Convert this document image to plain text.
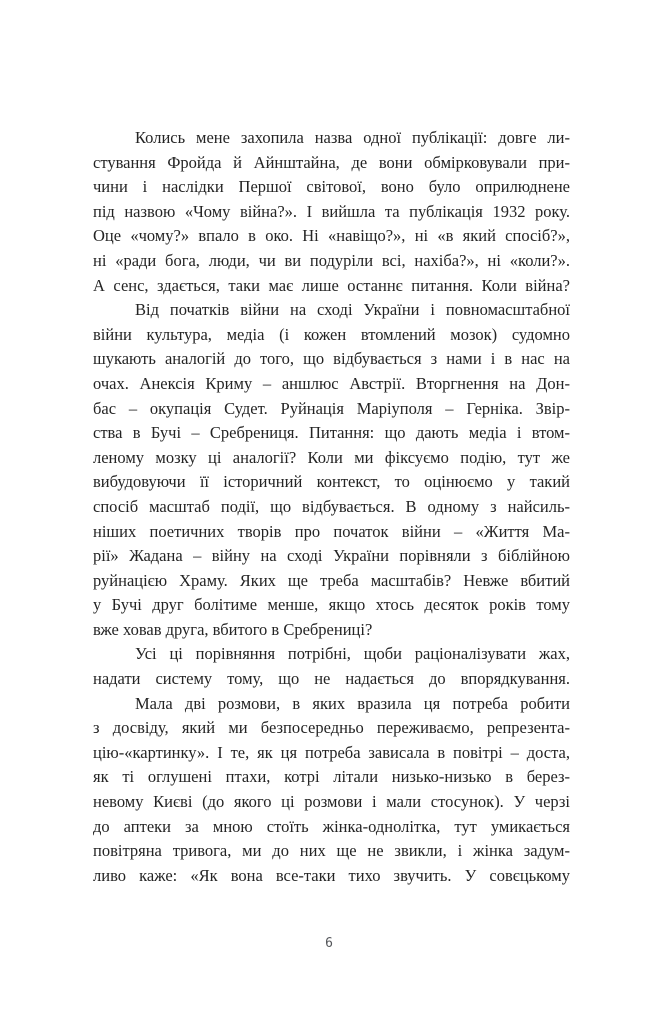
Колись мене захопила назва одної публікації: довге ли-
стування Фройда й Айнштайна, де вони обмірковували при-
чини і наслідки Першої світової, воно було оприлюднене
під назвою «Чому війна?». І вийшла та публікація 1932 року.
Оце «чому?» впало в око. Ні «навіщо?», ні «в який спосіб?»,
ні «ради бога, люди, чи ви подуріли всі, нахіба?», ні «коли?».
А сенс, здається, таки має лише останнє питання. Коли війна?
Від початків війни на сході України і повномасштабної
війни культура, медіа (і кожен втомлений мозок) судомно
шукають аналогій до того, що відбувається з нами і в нас на
очах. Анексія Криму – аншлюс Австрії. Вторгнення на Дон-
бас – окупація Судет. Руйнація Маріуполя – Герніка. Звір-
ства в Бучі – Сребрениця. Питання: що дають медіа і втом-
леному мозку ці аналогії? Коли ми фіксуємо подію, тут же
вибудовуючи її історичний контекст, то оцінюємо у такий
спосіб масштаб події, що відбувається. В одному з найсиль-
ніших поетичних творів про початок війни – «Життя Ма-
рії» Жадана – війну на сході України порівняли з біблійною
руйнацією Храму. Яких ще треба масштабів? Невже вбитий
у Бучі друг болітиме менше, якщо хтось десяток років тому
вже ховав друга, вбитого в Сребрениці?
Усі ці порівняння потрібні, щоби раціоналізувати жах,
надати систему тому, що не надається до впорядкування.
Мала дві розмови, в яких вразила ця потреба робити
з досвіду, який ми безпосередньо переживаємо, репрезента-
цію-«картинку». І те, як ця потреба зависала в повітрі – доста,
як ті оглушені птахи, котрі літали низько-низько в берез-
невому Києві (до якого ці розмови і мали стосунок). У черзі
до аптеки за мною стоїть жінка-однолітка, тут умикається
повітряна тривога, ми до них ще не звикли, і жінка задум-
ливо каже: «Як вона все-таки тихо звучить. У совєцькому
6
